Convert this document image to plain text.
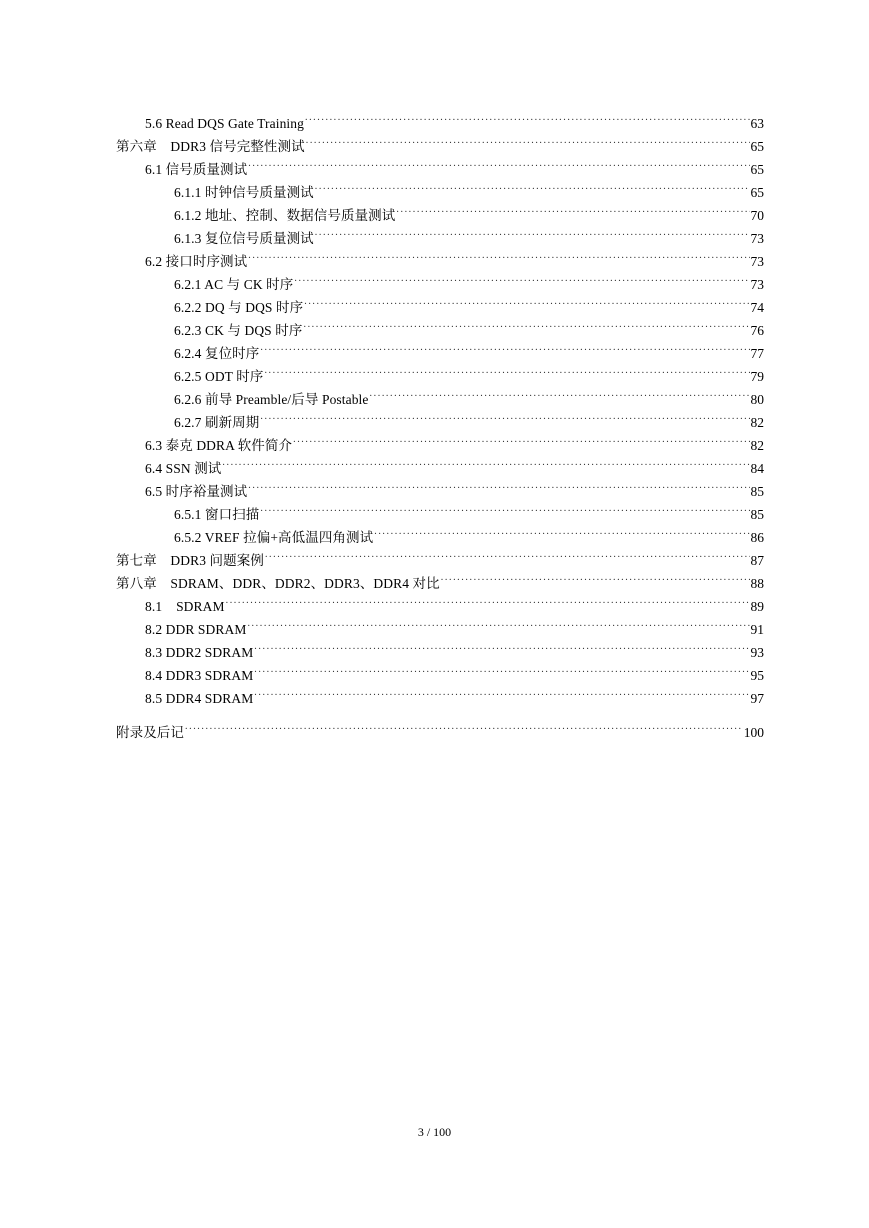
5.6 Read DQS Gate Training .....	63
第六章　DDR3 信号完整性测试 .....	65
6.1 信号质量测试 .....	65
6.1.1 时钟信号质量测试 .....	65
6.1.2 地址、控制、数据信号质量测试 .....	70
6.1.3 复位信号质量测试 .....	73
6.2 接口时序测试 .....	73
6.2.1 AC 与 CK 时序 .....	73
6.2.2 DQ 与 DQS 时序 .....	74
6.2.3 CK 与 DQS 时序 .....	76
6.2.4 复位时序 .....	77
6.2.5 ODT 时序 .....	79
6.2.6 前导 Preamble/后导 Postable .....	80
6.2.7 刷新周期 .....	82
6.3 泰克 DDRA 软件简介 .....	82
6.4 SSN 测试 .....	84
6.5 时序裕量测试 .....	85
6.5.1 窗口扫描 .....	85
6.5.2 VREF 拉偏+高低温四角测试 .....	86
第七章　DDR3 问题案例 .....	87
第八章　SDRAM、DDR、DDR2、DDR3、DDR4 对比 .....	88
8.1    SDRAM .....	89
8.2 DDR SDRAM .....	91
8.3 DDR2 SDRAM .....	93
8.4 DDR3 SDRAM .....	95
8.5 DDR4 SDRAM .....	97
附录及后记 .....	100
3 / 100
